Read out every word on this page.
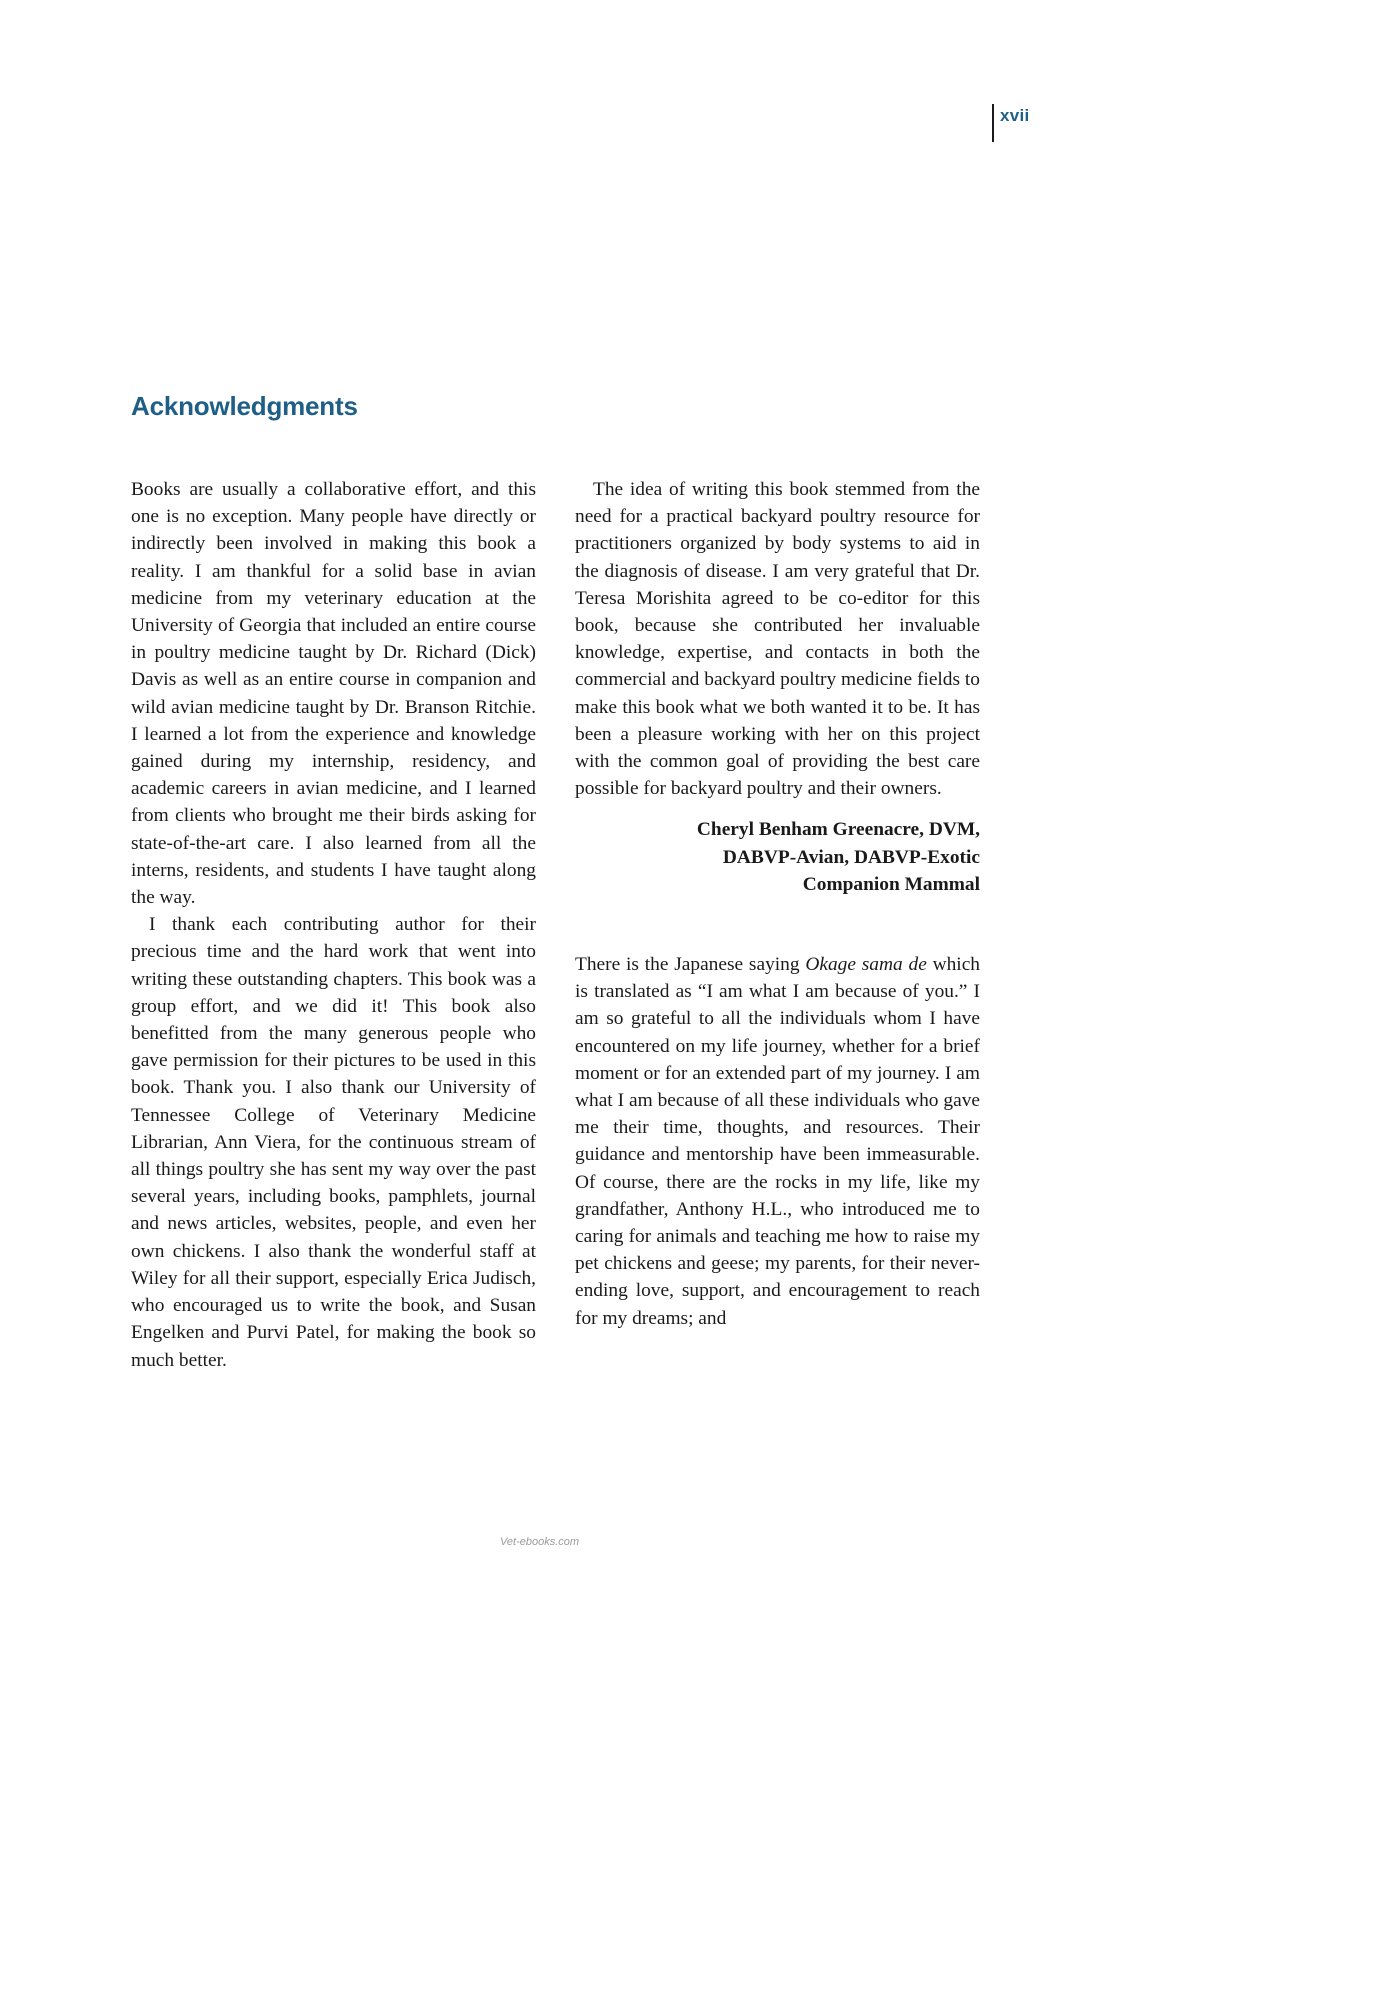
xvii
Acknowledgments

Books are usually a collaborative effort, and this one is no exception. Many people have directly or indirectly been involved in making this book a reality. I am thankful for a solid base in avian medicine from my veterinary education at the University of Georgia that included an entire course in poultry medicine taught by Dr. Richard (Dick) Davis as well as an entire course in companion and wild avian medicine taught by Dr. Branson Ritchie. I learned a lot from the experience and knowledge gained during my internship, residency, and academic careers in avian medicine, and I learned from clients who brought me their birds asking for state-of-the-art care. I also learned from all the interns, residents, and students I have taught along the way.

I thank each contributing author for their precious time and the hard work that went into writing these outstanding chapters. This book was a group effort, and we did it! This book also benefitted from the many generous people who gave permission for their pictures to be used in this book. Thank you. I also thank our University of Tennessee College of Veterinary Medicine Librarian, Ann Viera, for the continuous stream of all things poultry she has sent my way over the past several years, including books, pamphlets, journal and news articles, websites, people, and even her own chickens. I also thank the wonderful staff at Wiley for all their support, especially Erica Judisch, who encouraged us to write the book, and Susan Engelken and Purvi Patel, for making the book so much better.

The idea of writing this book stemmed from the need for a practical backyard poultry resource for practitioners organized by body systems to aid in the diagnosis of disease. I am very grateful that Dr. Teresa Morishita agreed to be co-editor for this book, because she contributed her invaluable knowledge, expertise, and contacts in both the commercial and backyard poultry medicine fields to make this book what we both wanted it to be. It has been a pleasure working with her on this project with the common goal of providing the best care possible for backyard poultry and their owners.

Cheryl Benham Greenacre, DVM,
DABVP-Avian, DABVP-Exotic
Companion Mammal

There is the Japanese saying Okage sama de which is translated as “I am what I am because of you.” I am so grateful to all the individuals whom I have encountered on my life journey, whether for a brief moment or for an extended part of my journey. I am what I am because of all these individuals who gave me their time, thoughts, and resources. Their guidance and mentorship have been immeasurable. Of course, there are the rocks in my life, like my grandfather, Anthony H.L., who introduced me to caring for animals and teaching me how to raise my pet chickens and geese; my parents, for their never-ending love, support, and encouragement to reach for my dreams; and

Vet-ebooks.com
